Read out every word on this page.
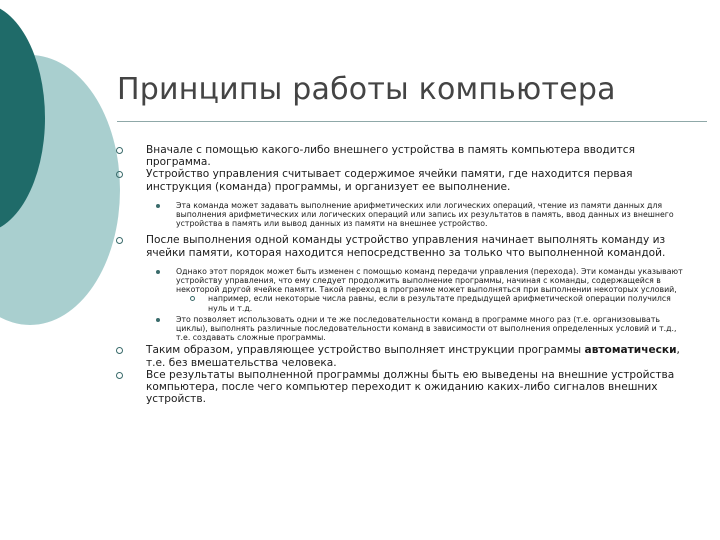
Принципы работы компьютера
Вначале с помощью какого-либо внешнего устройства в память компьютера вводится программа.
Устройство управления считывает содержимое ячейки памяти, где находится первая инструкция (команда) программы, и организует ее выполнение.
Эта команда может задавать выполнение арифметических или логических операций, чтение из памяти данных для выполнения арифметических или логических операций или запись их результатов в память, ввод данных из внешнего устройства в память или вывод данных из памяти на внешнее устройство.
После выполнения одной команды устройство управления начинает выполнять команду из ячейки памяти, которая находится непосредственно за только что выполненной командой.
Однако этот порядок может быть изменен с помощью команд передачи управления (перехода). Эти команды указывают устройству управления, что ему следует продолжить выполнение программы, начиная с команды, содержащейся в некоторой другой ячейке памяти. Такой переход в программе может выполняться при выполнении некоторых условий,
например, если некоторые числа равны, если в результате предыдущей арифметической операции получился нуль и т.д.
Это позволяет использовать одни и те же последовательности команд в программе много раз (т.е. организовывать циклы), выполнять различные последовательности команд в зависимости от выполнения определенных условий и т.д., т.е. создавать сложные программы.
Таким образом, управляющее устройство выполняет инструкции программы автоматически, т.е. без вмешательства человека.
Все результаты выполненной программы должны быть ею выведены на внешние устройства компьютера, после чего компьютер переходит к ожиданию каких-либо сигналов внешних устройств.
